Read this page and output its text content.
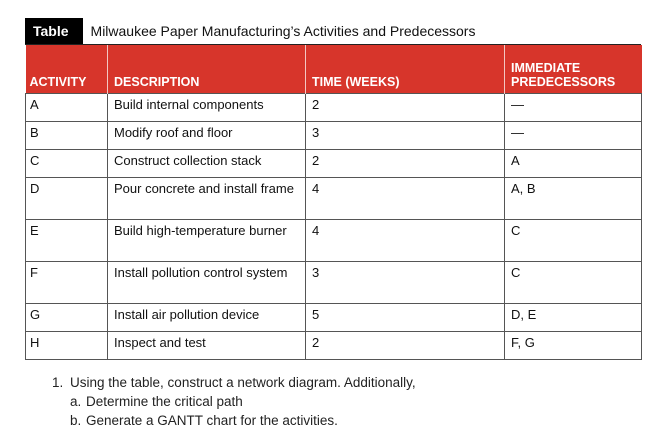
Table	Milwaukee Paper Manufacturing’s Activities and Predecessors
ACTIVITY	DESCRIPTION	TIME (WEEKS)	IMMEDIATE PREDECESSORS
A	Build internal components	2	—
B	Modify roof and floor	3	—
C	Construct collection stack	2	A
D	Pour concrete and install frame	4	A, B
E	Build high-temperature burner	4	C
F	Install pollution control system	3	C
G	Install air pollution device	5	D, E
H	Inspect and test	2	F, G
1. Using the table, construct a network diagram. Additionally,
a. Determine the critical path
b. Generate a GANTT chart for the activities.
